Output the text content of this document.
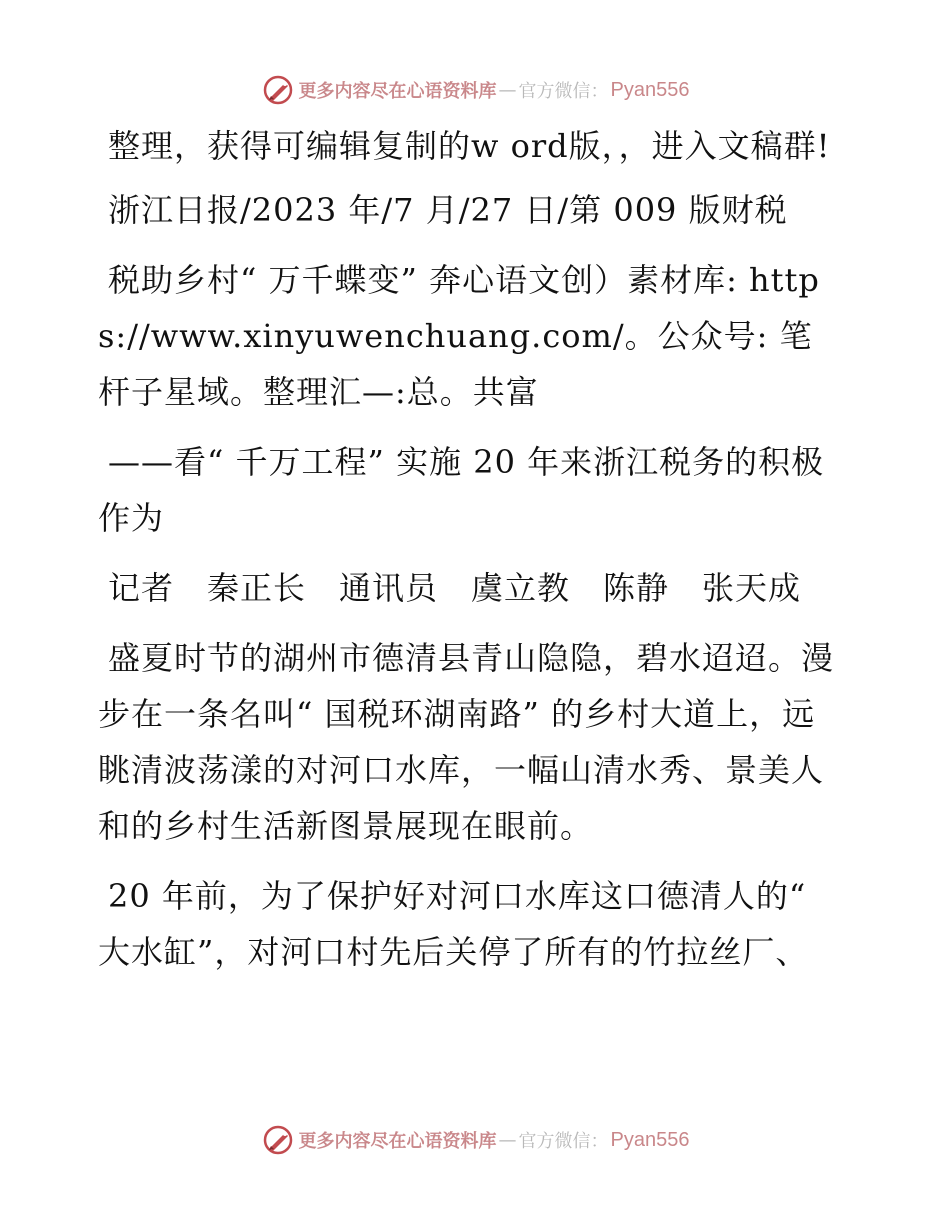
更多内容尽在心语资料库 — 官方微信： Pyan556

整理，获得可编辑复制的w ord版，，进入文稿群!

浙江日报/2023 年/7 月/27 日/第 009 版财税

税助乡村“ 万千蝶变” 奔心语文创）素材库: https://www.xinyuwenchuang.com/。公众号: 笔杆子星域。整理汇—:总。共富

——看“ 千万工程” 实施 20 年来浙江税务的积极作为

记者　秦正长　通讯员　虞立教　陈静　张天成

盛夏时节的湖州市德清县青山隐隐，碧水迢迢。漫步在一条名叫“ 国税环湖南路” 的乡村大道上，远眺清波荡漾的对河口水库，一幅山清水秀、景美人和的乡村生活新图景展现在眼前。

20 年前，为了保护好对河口水库这口德清人的“ 大水缸”，对河口村先后关停了所有的竹拉丝厂、

更多内容尽在心语资料库 — 官方微信： Pyan556
